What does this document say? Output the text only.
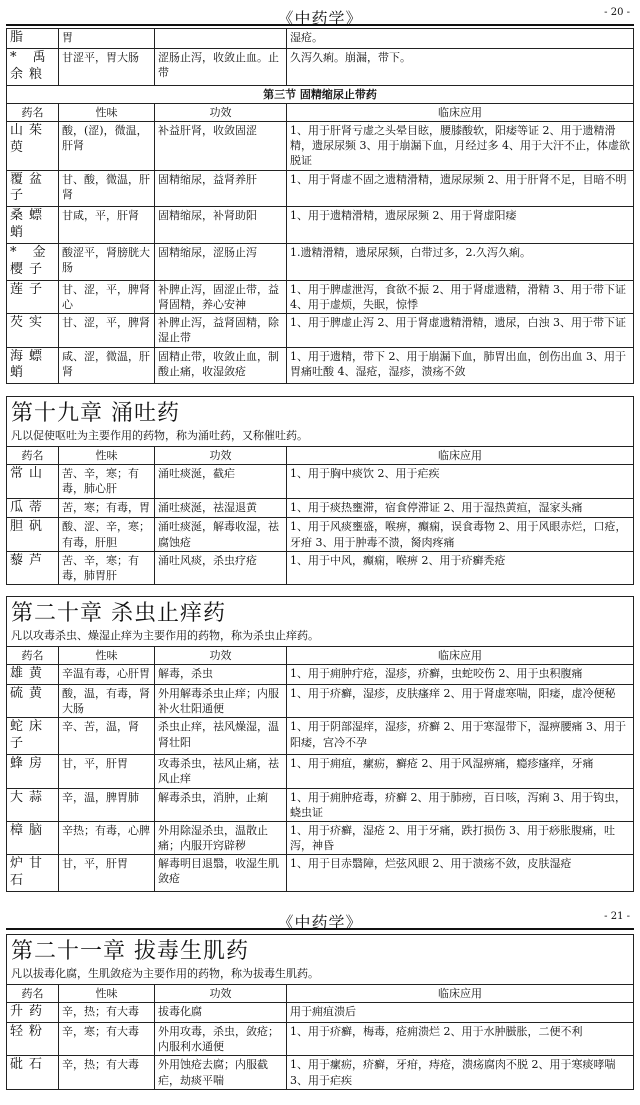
《中药学》	- 20 -
脂	胃		湿疮。
* 禹余粮	甘涩平，胃大肠	涩肠止泻，收敛止血。止带	久泻久痢。崩漏，带下。
第三节 固精缩尿止带药			
药名	性味	功效	临床应用
山茱萸	酸，(涩)，微温，肝肾	补益肝肾，收敛固涩	1、用于肝肾亏虚之头晕目眩，腰膝酸软，阳痿等证 2、用于遗精滑精，遗尿尿频 3、用于崩漏下血，月经过多 4、用于大汗不止，体虚欲脱证
覆盆子	甘、酸，微温，肝肾	固精缩尿，益肾养肝	1、用于肾虚不固之遗精滑精，遗尿尿频 2、用于肝肾不足，目暗不明
桑螵蛸	甘咸，平，肝肾	固精缩尿，补肾助阳	1、用于遗精滑精，遗尿尿频 2、用于肾虚阳痿
* 金樱子	酸涩平，肾膀胱大肠	固精缩尿，涩肠止泻	1.遗精滑精，遗尿尿频，白带过多，2.久泻久痢。
莲子	甘、涩，平，脾肾心	补脾止泻，固涩止带，益肾固精，养心安神	1、用于脾虚泄泻，食欲不振 2、用于肾虚遗精，滑精 3、用于带下证 4、用于虚烦，失眠，惊悸
芡实	甘、涩，平，脾肾	补脾止泻，益肾固精，除湿止带	1、用于脾虚止泻 2、用于肾虚遗精滑精，遗尿，白浊 3、用于带下证
海螵蛸	咸、涩，微温，肝肾	固精止带，收敛止血，制酸止痛，收湿敛疮	1、用于遗精，带下 2、用于崩漏下血，肺胃出血，创伤出血 3、用于胃痛吐酸 4、湿疮，湿疹，溃疡不敛
第十九章 涌吐药
凡以促使呕吐为主要作用的药物，称为涌吐药，又称催吐药。
药名	性味	功效	临床应用
常山	苦、辛，寒；有毒，肺心肝	涌吐痰涎，截疟	1、用于胸中痰饮 2、用于疟疾
瓜蒂	苦，寒；有毒，胃	涌吐痰涎，祛湿退黄	1、用于痰热壅滞，宿食停滞证 2、用于湿热黄疸，湿家头痛
胆矾	酸、涩、辛，寒；有毒，肝胆	涌吐痰涎，解毒收湿，祛腐蚀疮	1、用于风痰壅盛，喉痹，癫痫，误食毒物 2、用于风眼赤烂，口疮，牙疳 3、用于肿毒不溃，胬肉疼痛
藜芦	苦、辛，寒；有毒，肺胃肝	涌吐风痰，杀虫疗疮	1、用于中风，癫痫，喉痹 2、用于疥癣秃疮
第二十章 杀虫止痒药
凡以攻毒杀虫、燥湿止痒为主要作用的药物，称为杀虫止痒药。
药名	性味	功效	临床应用
雄黄	辛温有毒，心肝胃	解毒，杀虫	1、用于痈肿疔疮，湿疹，疥癣，虫蛇咬伤 2、用于虫积腹痛
硫黄	酸，温，有毒，肾大肠	外用解毒杀虫止痒；内服补火壮阳通便	1、用于疥癣，湿疹，皮肤瘙痒 2、用于肾虚寒喘，阳痿，虚冷便秘
蛇床子	辛、苦，温，肾	杀虫止痒，祛风燥湿，温肾壮阳	1、用于阴部湿痒，湿疹，疥癣 2、用于寒湿带下，湿痹腰痛 3、用于阳痿，宫冷不孕
蜂房	甘，平，肝胃	攻毒杀虫，祛风止痛，祛风止痒	1、用于痈疽，瘰疬，癣疮 2、用于风湿痹痛，瘾疹瘙痒，牙痛
大蒜	辛，温，脾胃肺	解毒杀虫，消肿，止痢	1、用于痈肿疮毒，疥癣 2、用于肺痨，百日咳，泻痢 3、用于钩虫，蛲虫证
樟脑	辛热；有毒，心脾	外用除湿杀虫，温散止痛；内服开窍辟秽	1、用于疥癣，湿疮 2、用于牙痛，跌打损伤 3、用于痧胀腹痛，吐泻，神昏
炉甘石	甘，平，肝胃	解毒明目退翳，收湿生肌敛疮	1、用于目赤翳障，烂弦风眼 2、用于溃疡不敛，皮肤湿疮
《中药学》	- 21 -
第二十一章 拔毒生肌药
凡以拔毒化腐，生肌敛疮为主要作用的药物，称为拔毒生肌药。
药名	性味	功效	临床应用
升药	辛，热；有大毒	拔毒化腐	用于痈疽溃后
轻粉	辛，寒；有大毒	外用攻毒，杀虫，敛疮；内服利水通便	1、用于疥癣，梅毒，疮痈溃烂 2、用于水肿臌胀，二便不利
砒石	辛，热；有大毒	外用蚀疮去腐；内服截疟，劫痰平喘	1、用于瘰疬，疥癣，牙疳，痔疮，溃疡腐肉不脱 2、用于寒痰哮喘 3、用于疟疾
